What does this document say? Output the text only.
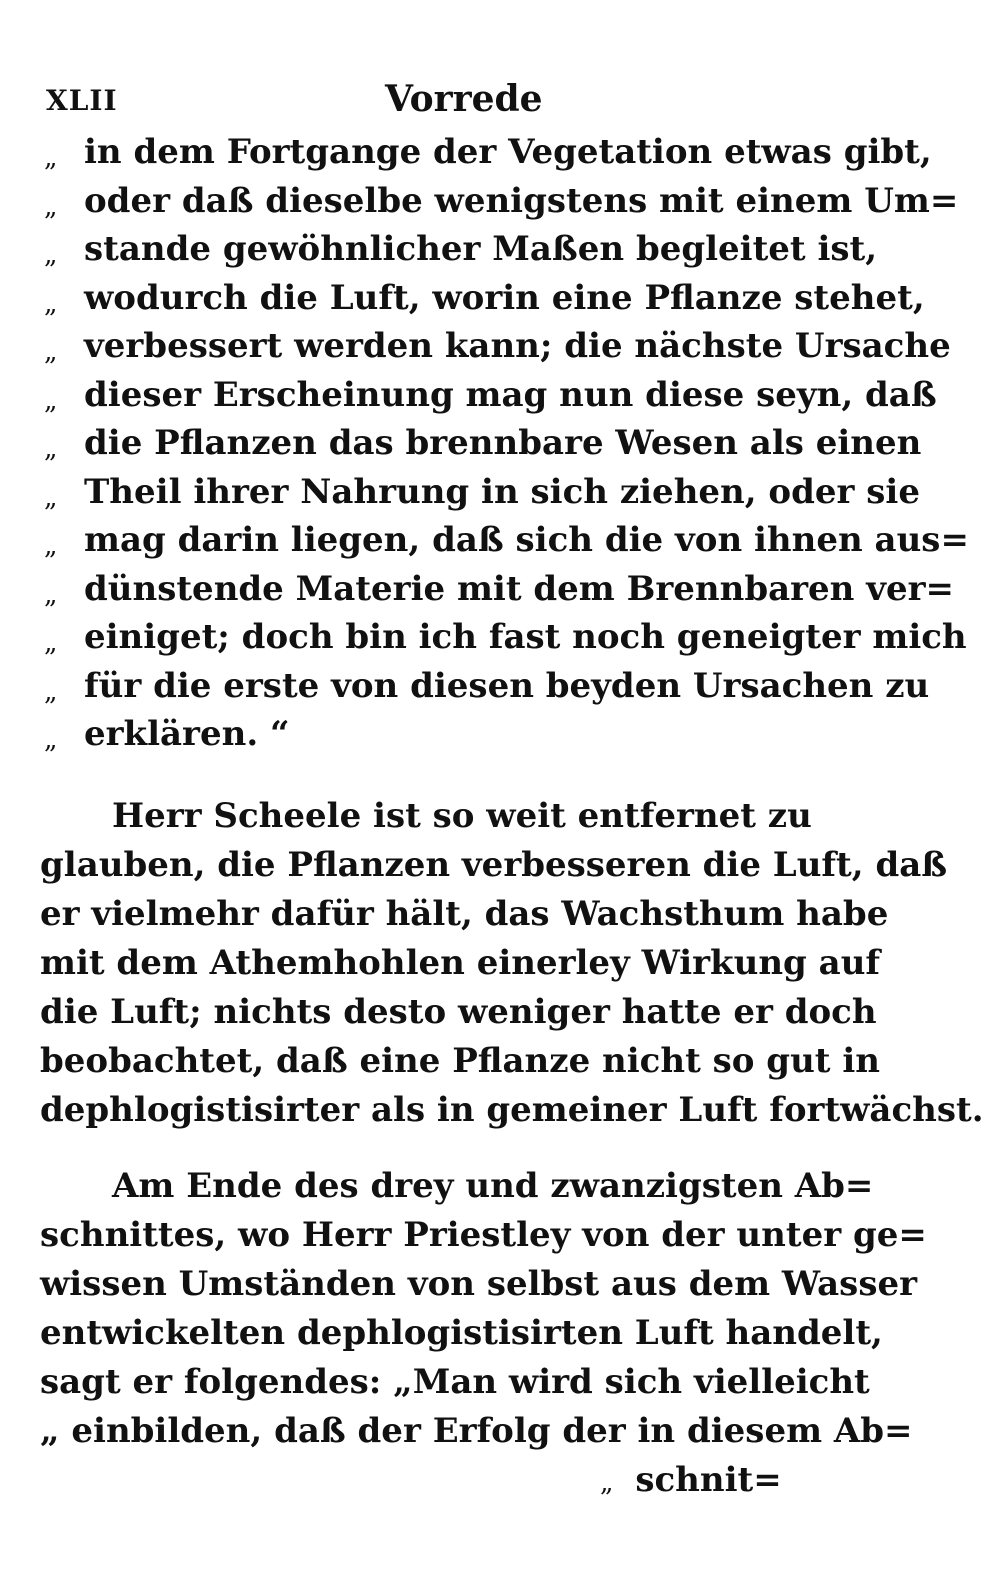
XLII	Vorrede
„ in dem Fortgange der Vegetation etwas gibt,
„ oder daß dieselbe wenigstens mit einem Um=
„ stande gewöhnlicher Maßen begleitet ist,
„ wodurch die Luft, worin eine Pflanze stehet,
„ verbessert werden kann; die nächste Ursache
„ dieser Erscheinung mag nun diese seyn, daß
„ die Pflanzen das brennbare Wesen als einen
„ Theil ihrer Nahrung in sich ziehen, oder sie
„ mag darin liegen, daß sich die von ihnen aus=
„ dünstende Materie mit dem Brennbaren ver=
„ einiget; doch bin ich fast noch geneigter mich
„ für die erste von diesen beyden Ursachen zu
„ erklären. “
Herr Scheele ist so weit entfernet zu
glauben, die Pflanzen verbesseren die Luft, daß
er vielmehr dafür hält, das Wachsthum habe
mit dem Athemhohlen einerley Wirkung auf
die Luft; nichts desto weniger hatte er doch
beobachtet, daß eine Pflanze nicht so gut in
dephlogistisirter als in gemeiner Luft fortwächst.
Am Ende des drey und zwanzigsten Ab=
schnittes, wo Herr Priestley von der unter ge=
wissen Umständen von selbst aus dem Wasser
entwickelten dephlogistisirten Luft handelt,
sagt er folgendes: „Man wird sich vielleicht
„ einbilden, daß der Erfolg der in diesem Ab=
„ schnit=
